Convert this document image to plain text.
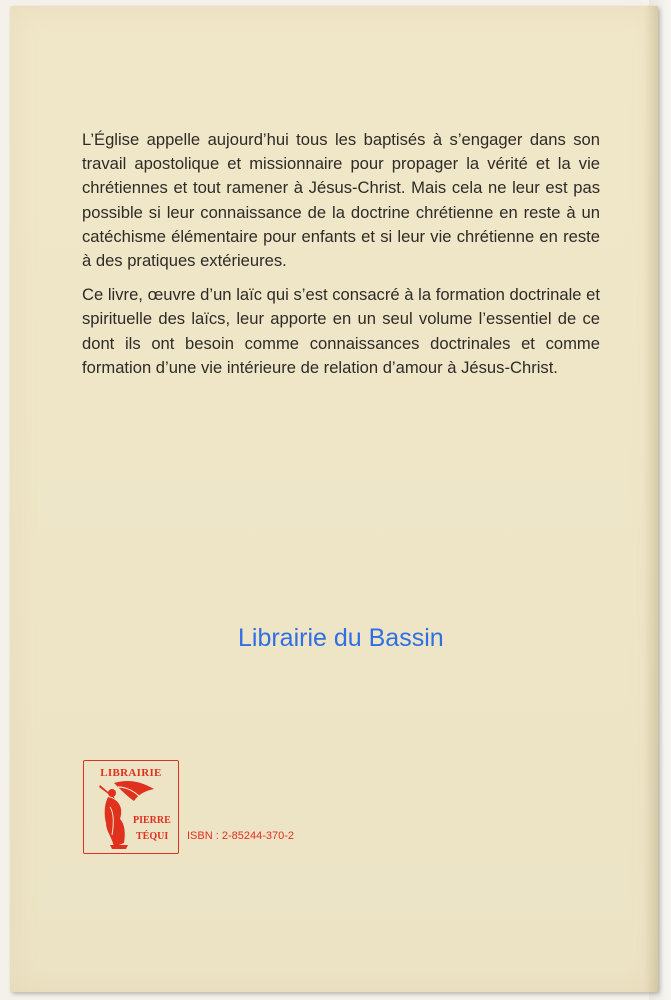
L’Église appelle aujourd’hui tous les baptisés à s’engager dans son travail apostolique et missionnaire pour propager la vérité et la vie chrétiennes et tout ramener à Jésus-Christ. Mais cela ne leur est pas possible si leur connaissance de la doctrine chrétienne en reste à un catéchisme élémentaire pour enfants et si leur vie chrétienne en reste à des pratiques extérieures.

Ce livre, œuvre d’un laïc qui s’est consacré à la formation doctrinale et spirituelle des laïcs, leur apporte en un seul volume l’essentiel de ce dont ils ont besoin comme connaissances doctrinales et comme formation d’une vie intérieure de relation d’amour à Jésus-Christ.

Librairie du Bassin
LIBRAIRIE
PIERRE
TÉQUI ISBN : 2-85244-370-2
